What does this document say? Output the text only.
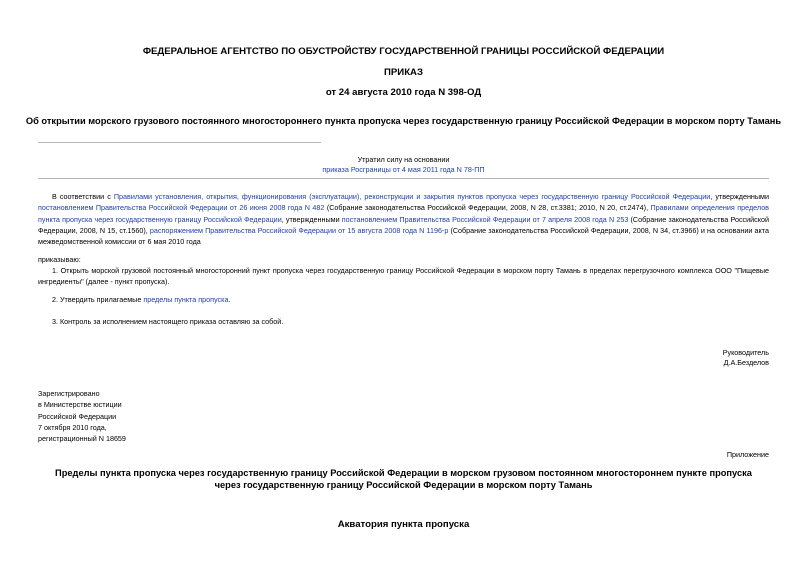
ФЕДЕРАЛЬНОЕ АГЕНТСТВО ПО ОБУСТРОЙСТВУ ГОСУДАРСТВЕННОЙ ГРАНИЦЫ РОССИЙСКОЙ ФЕДЕРАЦИИ
ПРИКАЗ
от 24 августа 2010 года N 398-ОД
Об открытии морского грузового постоянного многостороннего пункта пропуска через государственную границу Российской Федерации в морском порту Тамань
Утратил силу на основании
приказа Росграницы от 4 мая 2011 года N 78-ПП
В соответствии с Правилами установления, открытия, функционирования (эксплуатации), реконструкции и закрытия пунктов пропуска через государственную границу Российской Федерации, утвержденными постановлением Правительства Российской Федерации от 26 июня 2008 года N 482 (Собрание законодательства Российской Федерации, 2008, N 28, ст.3381; 2010, N 20, ст.2474), Правилами определения пределов пункта пропуска через государственную границу Российской Федерации, утвержденными постановлением Правительства Российской Федерации от 7 апреля 2008 года N 253 (Собрание законодательства Российской Федерации, 2008, N 15, ст.1560), распоряжением Правительства Российской Федерации от 15 августа 2008 года N 1196-р (Собрание законодательства Российской Федерации, 2008, N 34, ст.3966) и на основании акта межведомственной комиссии от 6 мая 2010 года
приказываю:
1. Открыть морской грузовой постоянный многосторонний пункт пропуска через государственную границу Российской Федерации в морском порту Тамань в пределах перегрузочного комплекса ООО "Пищевые ингредиенты" (далее - пункт пропуска).
2. Утвердить прилагаемые пределы пункта пропуска.
3. Контроль за исполнением настоящего приказа оставляю за собой.
Руководитель
Д.А.Безделов
Зарегистрировано
в Министерстве юстиции
Российской Федерации
7 октября 2010 года,
регистрационный N 18659
Приложение
Пределы пункта пропуска через государственную границу Российской Федерации в морском грузовом постоянном многостороннем пункте пропуска через государственную границу Российской Федерации в морском порту Тамань
Акватория пункта пропуска
